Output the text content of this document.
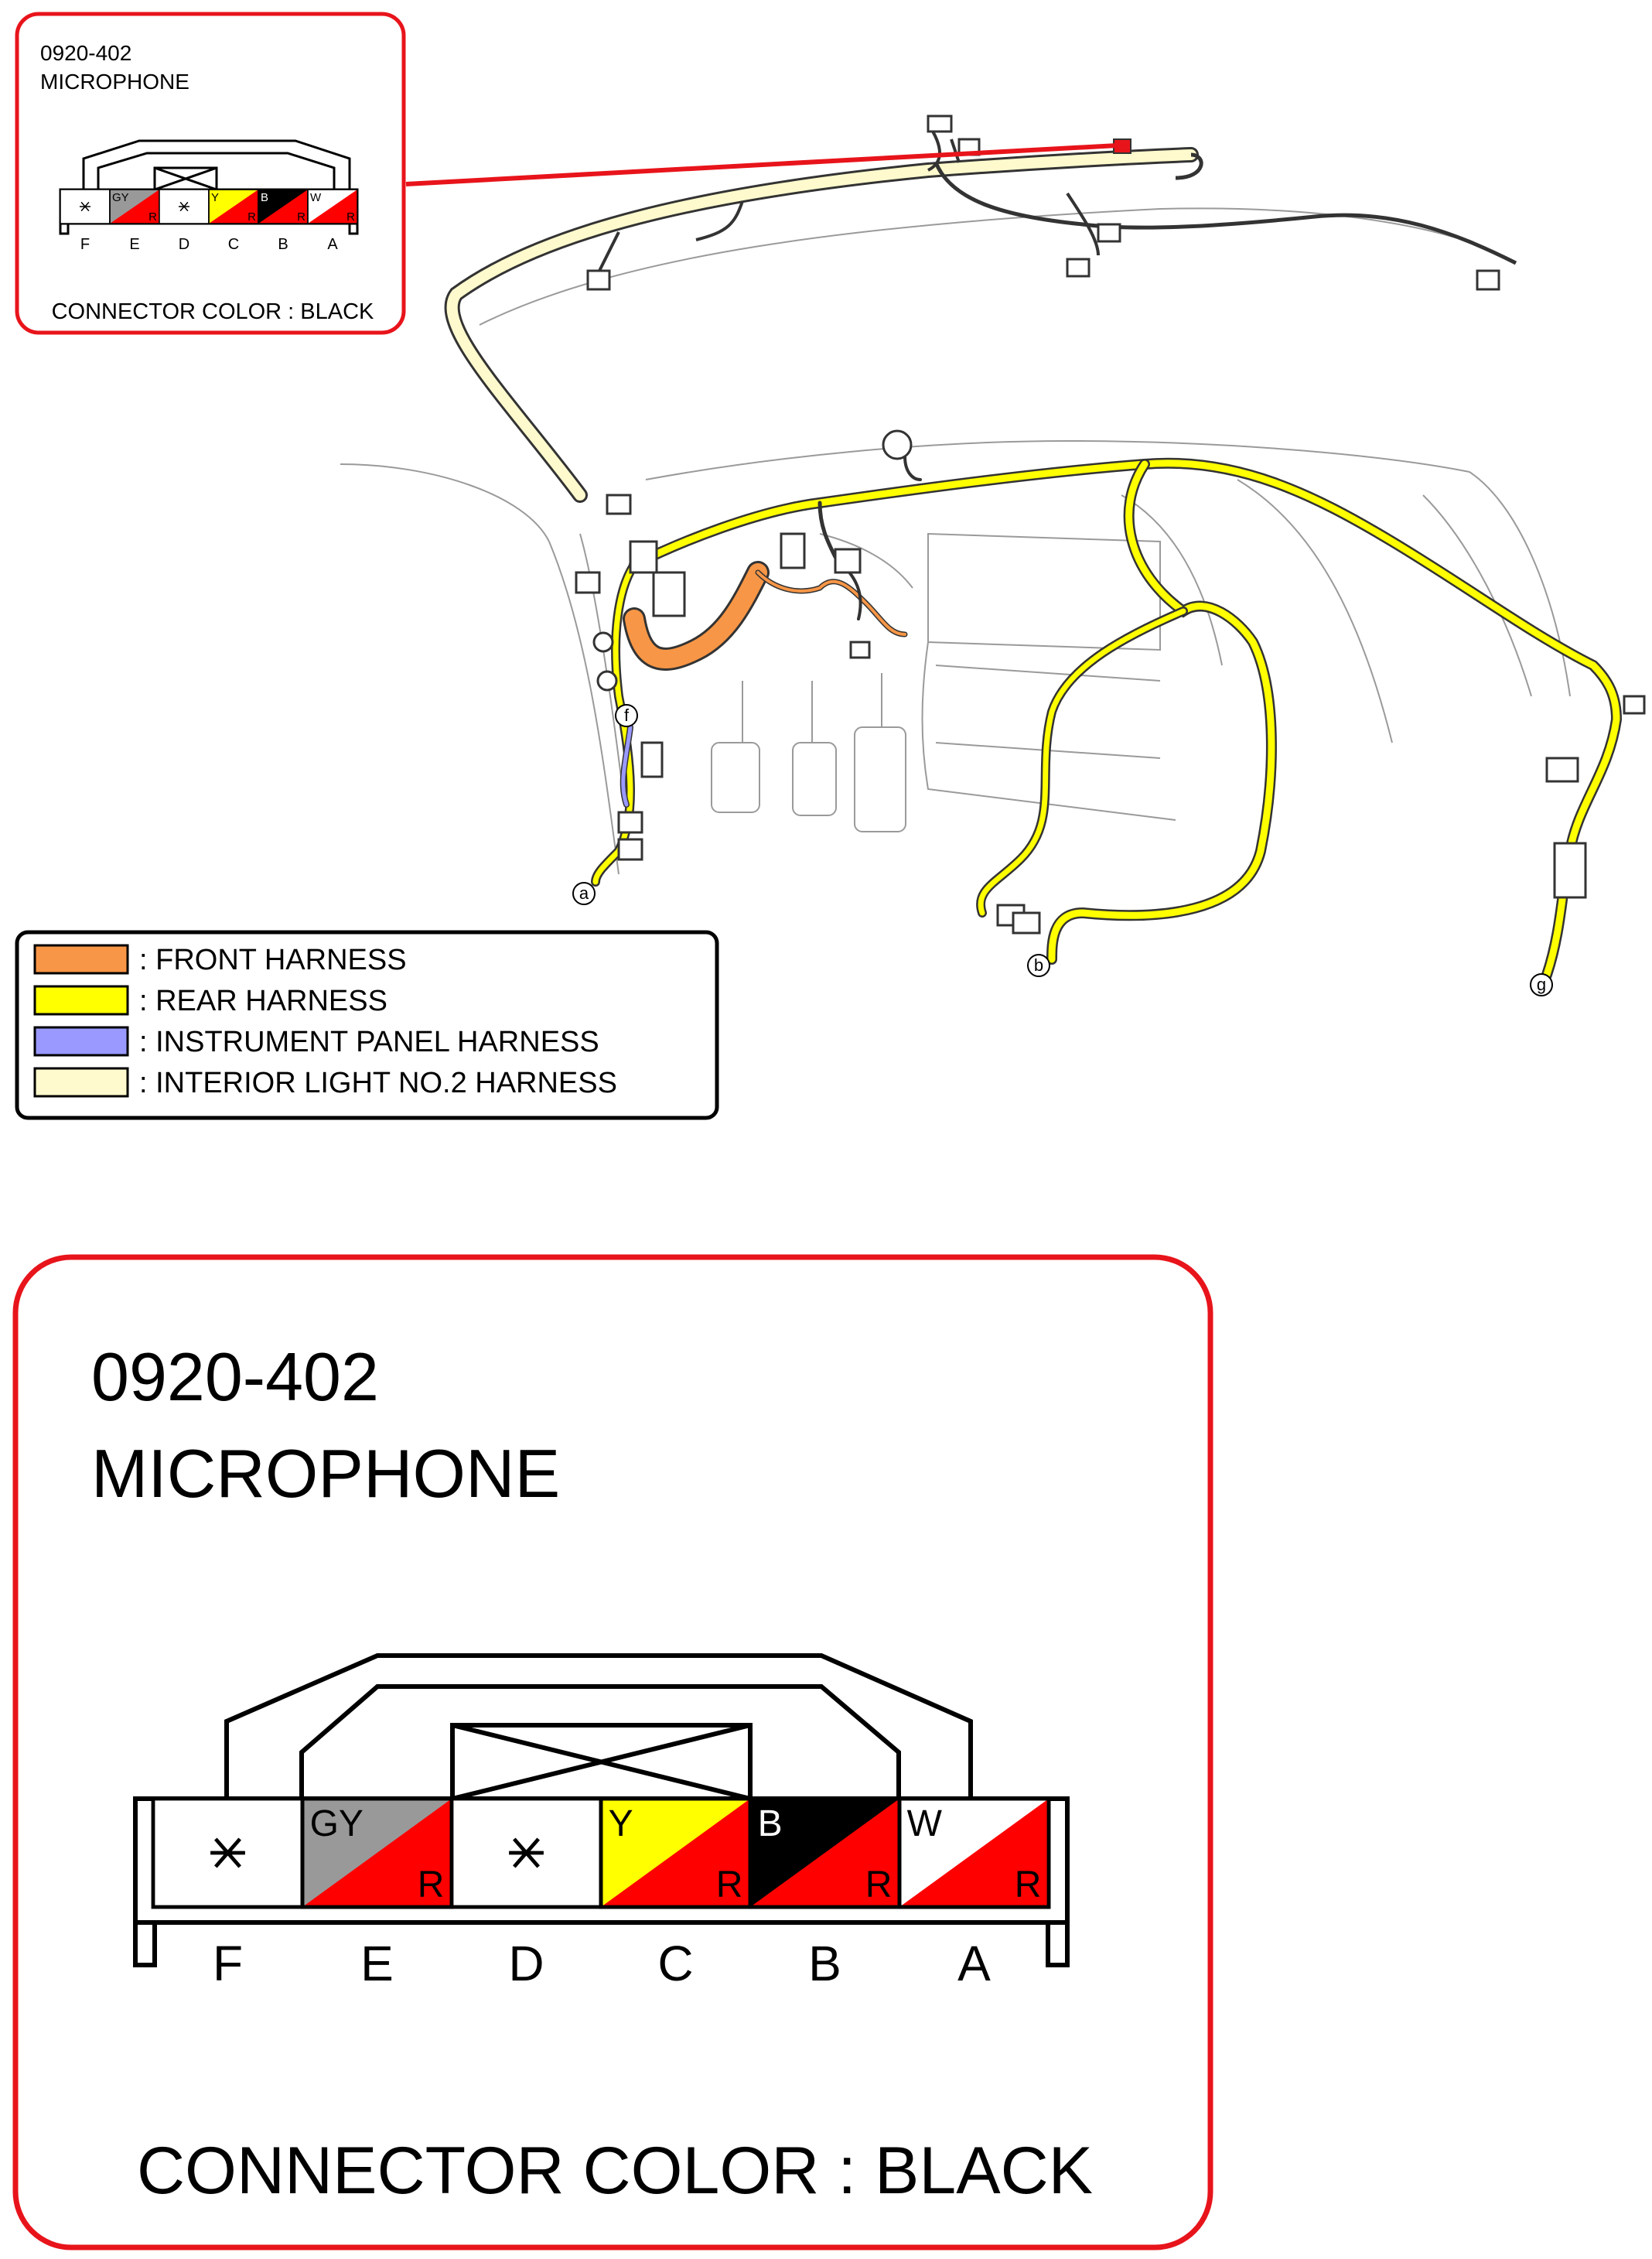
a
b
f
g
0920-402
MICROPHONE
F
GY
R
E	D
Y
R
C
B
R
B
W
R
A
CONNECTOR COLOR : BLACK
: FRONT HARNESS
: REAR HARNESS
: INSTRUMENT PANEL HARNESS
: INTERIOR LIGHT NO.2 HARNESS
0920-402
MICROPHONE
F
GY
R
E D
Y
R
C
B
R
B
W
R
A
CONNECTOR COLOR : BLACK
